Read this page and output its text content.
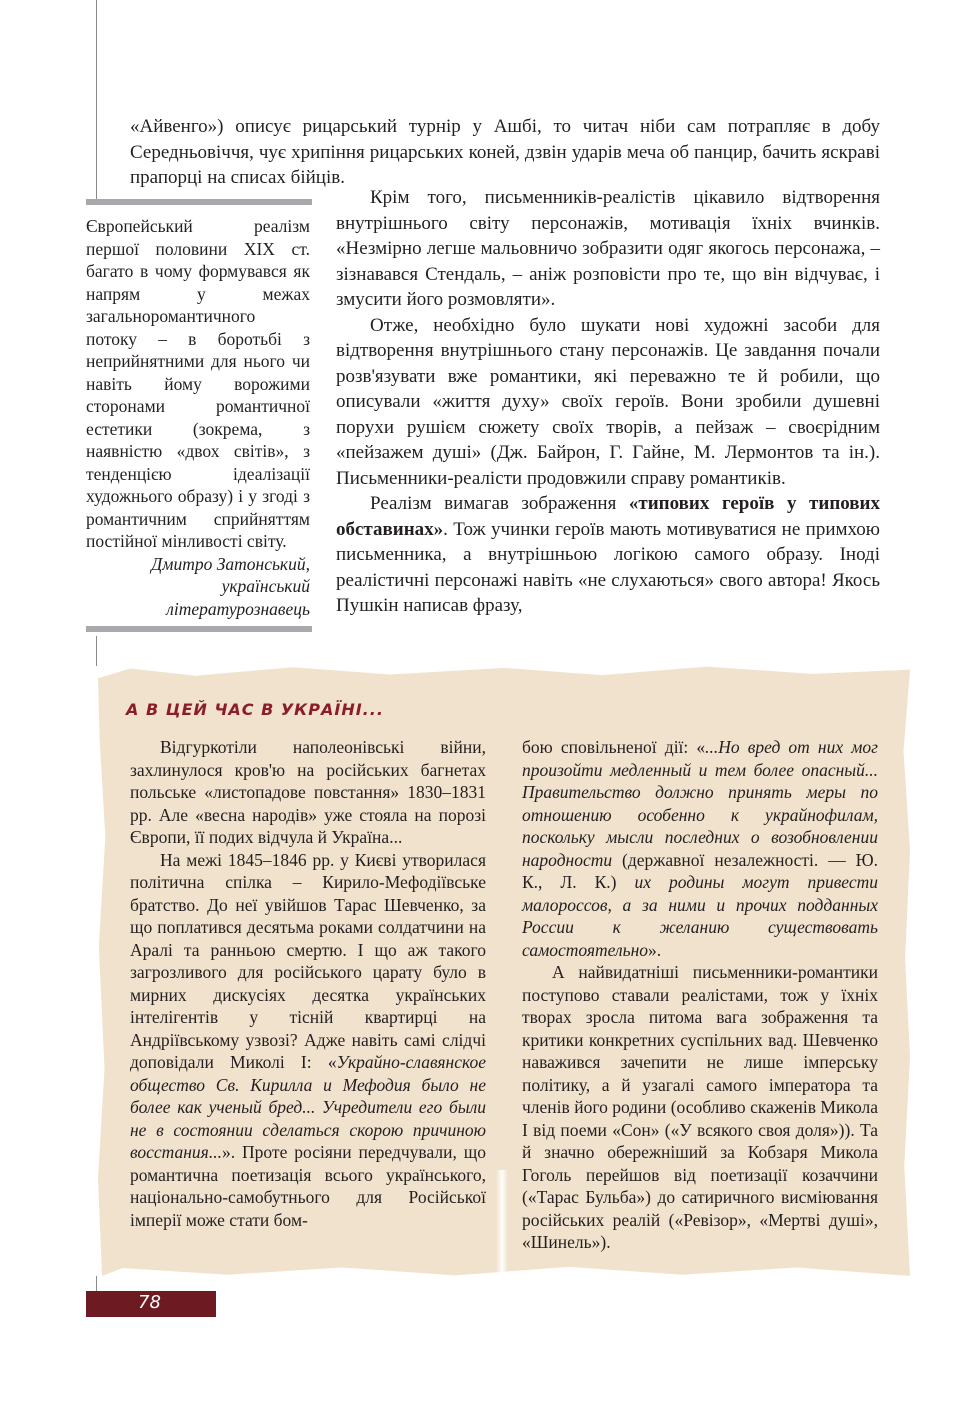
«Айвенго») описує рицарський турнір у Ашбі, то читач ніби сам потрапляє в добу Середньовіччя, чує хрипіння рицарських коней, дзвін ударів меча об панцир, бачить яскраві прапорці на списах бійців.

Європейський реалізм першої половини XIX ст. багато в чому формувався як напрям у межах загальноромантичного потоку – в боротьбі з неприйнятними для нього чи навіть йому ворожими сторонами романтичної естетики (зокрема, з наявністю «двох світів», з тенденцією ідеалізації художнього образу) і у згоді з романтичним сприйняттям постійної мінливості світу.

Дмитро Затонський,

український

літературознавець

Крім того, письменників-реалістів цікавило відтворення внутрішнього світу персонажів, мотивація їхніх вчинків. «Незмірно легше мальовничо зобразити одяг якогось персонажа, – зізнавався Стендаль, – аніж розповісти про те, що він відчуває, і змусити його розмовляти».

Отже, необхідно було шукати нові художні засоби для відтворення внутрішнього стану персонажів. Це завдання почали розв'язувати вже романтики, які переважно те й робили, що описували «життя духу» своїх героїв. Вони зробили душевні порухи рушієм сюжету своїх творів, а пейзаж – своєрідним «пейзажем душі» (Дж. Байрон, Г. Гайне, М. Лермонтов та ін.). Письменники-реалісти продовжили справу романтиків.

Реалізм вимагав зображення «типових героїв у типових обставинах». Тож учинки героїв мають мотивуватися не примхою письменника, а внутрішньою логікою самого образу. Іноді реалістичні персонажі навіть «не слухаються» свого автора! Якось Пушкін написав фразу,

А В ЦЕЙ ЧАС В УКРАЇНІ...

Відгуркотіли наполеонівські війни, захлинулося кров'ю на російських багнетах польське «листопадове повстання» 1830–1831 рр. Але «весна народів» уже стояла на порозі Європи, її подих відчула й Україна...

На межі 1845–1846 рр. у Києві утворилася політична спілка – Кирило-Мефодіївське братство. До неї увійшов Тарас Шевченко, за що поплатився десятьма роками солдатчини на Аралі та ранньою смертю. І що аж такого загрозливого для російського царату було в мирних дискусіях десятка українських інтелігентів у тісній квартирці на Андріївському узвозі? Адже навіть самі слідчі доповідали Миколі І: «Украйно-славянское общество Св. Кирилла и Мефодия было не более как ученый бред... Учредители его были не в состоянии сделаться скорою причиною восстания...». Проте росіяни передчували, що романтична поетизація всього українського, національно-самобутнього для Російської імперії може стати бом-

бою сповільненої дії: «...Но вред от них мог произойти медленный и тем более опасный... Правительство должно принять меры по отношению особенно к украйнофилам, поскольку мысли последних о возобновлении народности (державної незалежності. — Ю. К., Л. К.) их родины могут привести малороссов, а за ними и прочих подданных России к желанию существовать самостоятельно».

А найвидатніші письменники-романтики поступово ставали реалістами, тож у їхніх творах зросла питома вага зображення та критики конкретних суспільних вад. Шевченко наважився зачепити не лише імперську політику, а й узагалі самого імператора та членів його родини (особливо скаженів Микола І від поеми «Сон» («У всякого своя доля»)). Та й значно обережніший за Кобзаря Микола Гоголь перейшов від поетизації козаччини («Тарас Бульба») до сатиричного висміювання російських реалій («Ревізор», «Мертві душі», «Шинель»).

78
